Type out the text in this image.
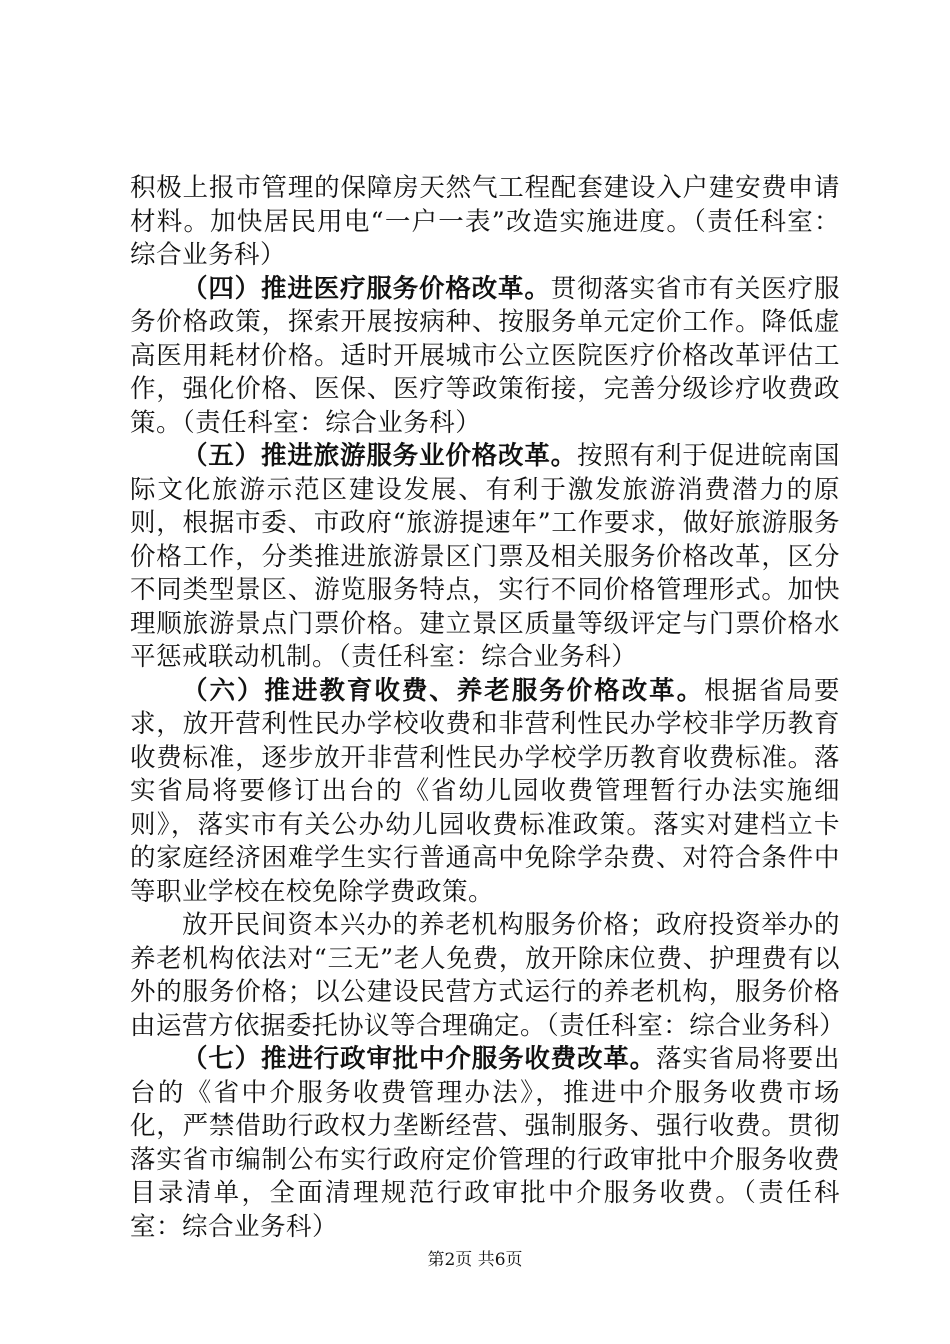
积极上报市管理的保障房天然气工程配套建设入户建安费申请材料。加快居民用电“一户一表”改造实施进度。（责任科室：综合业务科）

（四）推进医疗服务价格改革。贯彻落实省市有关医疗服务价格政策，探索开展按病种、按服务单元定价工作。降低虚高医用耗材价格。适时开展城市公立医院医疗价格改革评估工作，强化价格、医保、医疗等政策衔接，完善分级诊疗收费政策。（责任科室：综合业务科）

（五）推进旅游服务业价格改革。按照有利于促进皖南国际文化旅游示范区建设发展、有利于激发旅游消费潜力的原则，根据市委、市政府“旅游提速年”工作要求，做好旅游服务价格工作，分类推进旅游景区门票及相关服务价格改革，区分不同类型景区、游览服务特点，实行不同价格管理形式。加快理顺旅游景点门票价格。建立景区质量等级评定与门票价格水平惩戒联动机制。（责任科室：综合业务科）

（六）推进教育收费、养老服务价格改革。根据省局要求，放开营利性民办学校收费和非营利性民办学校非学历教育收费标准，逐步放开非营利性民办学校学历教育收费标准。落实省局将要修订出台的《省幼儿园收费管理暂行办法实施细则》，落实市有关公办幼儿园收费标准政策。落实对建档立卡的家庭经济困难学生实行普通高中免除学杂费、对符合条件中等职业学校在校免除学费政策。

放开民间资本兴办的养老机构服务价格；政府投资举办的养老机构依法对“三无”老人免费，放开除床位费、护理费有以外的服务价格；以公建设民营方式运行的养老机构，服务价格由运营方依据委托协议等合理确定。（责任科室：综合业务科）

（七）推进行政审批中介服务收费改革。落实省局将要出台的《省中介服务收费管理办法》，推进中介服务收费市场化，严禁借助行政权力垄断经营、强制服务、强行收费。贯彻落实省市编制公布实行政府定价管理的行政审批中介服务收费目录清单，全面清理规范行政审批中介服务收费。（责任科室：综合业务科）

第2页 共6页
